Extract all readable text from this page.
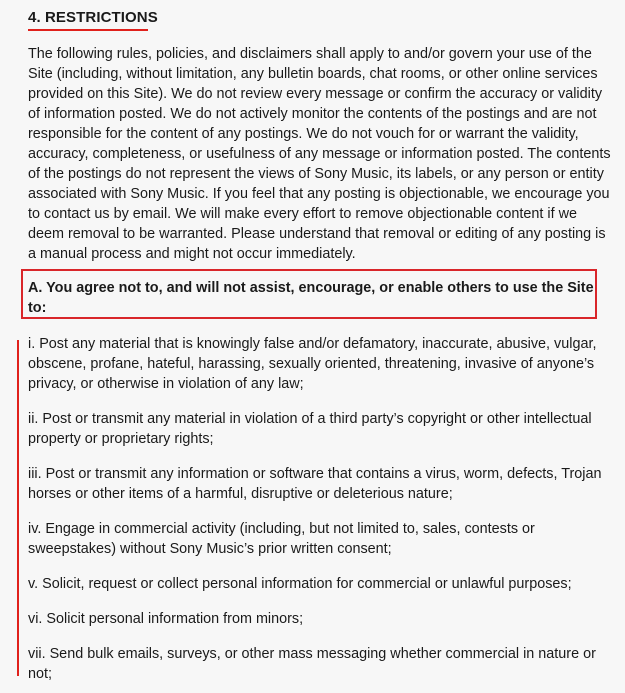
4. RESTRICTIONS

The following rules, policies, and disclaimers shall apply to and/or govern your use of the Site (including, without limitation, any bulletin boards, chat rooms, or other online services provided on this Site). We do not review every message or confirm the accuracy or validity of information posted. We do not actively monitor the contents of the postings and are not responsible for the content of any postings. We do not vouch for or warrant the validity, accuracy, completeness, or usefulness of any message or information posted. The contents of the postings do not represent the views of Sony Music, its labels, or any person or entity associated with Sony Music. If you feel that any posting is objectionable, we encourage you to contact us by email. We will make every effort to remove objectionable content if we deem removal to be warranted. Please understand that removal or editing of any posting is a manual process and might not occur immediately.

A. You agree not to, and will not assist, encourage, or enable others to use the Site to:

i. Post any material that is knowingly false and/or defamatory, inaccurate, abusive, vulgar, obscene, profane, hateful, harassing, sexually oriented, threatening, invasive of anyone’s privacy, or otherwise in violation of any law;

ii. Post or transmit any material in violation of a third party’s copyright or other intellectual property or proprietary rights;

iii. Post or transmit any information or software that contains a virus, worm, defects, Trojan horses or other items of a harmful, disruptive or deleterious nature;

iv. Engage in commercial activity (including, but not limited to, sales, contests or sweepstakes) without Sony Music’s prior written consent;

v. Solicit, request or collect personal information for commercial or unlawful purposes;

vi. Solicit personal information from minors;

vii. Send bulk emails, surveys, or other mass messaging whether commercial in nature or not;
